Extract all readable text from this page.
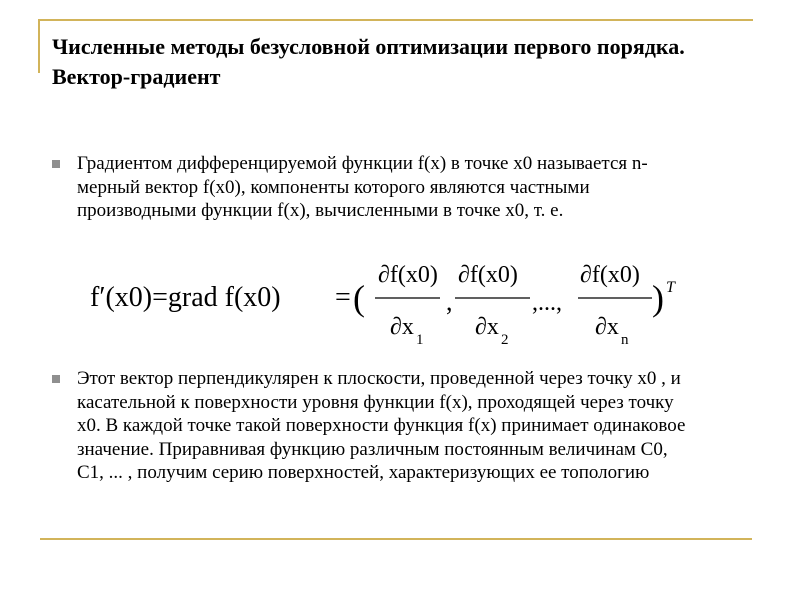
Численные методы безусловной оптимизации первого порядка. Вектор-градиент
Градиентом дифференцируемой функции f(x) в точке x0 называется n-мерный вектор f(x0), компоненты которого являются частными производными функции f(x), вычисленными в точке x0, т. е.
f′(x0)=grad f(x0) = (
∂f(x0)
∂x 1
,
∂f(x0)
∂x 2
,...,
∂f(x0)
∂x n
) T
Этот вектор перпендикулярен к плоскости, проведенной через точку x0 , и касательной к поверхности уровня функции f(x), проходящей через точку x0. В каждой точке такой поверхности функция f(x) принимает одинаковое значение. Приравнивая функцию различным постоянным величинам C0, C1, ... , получим серию поверхностей, характеризующих ее топологию
